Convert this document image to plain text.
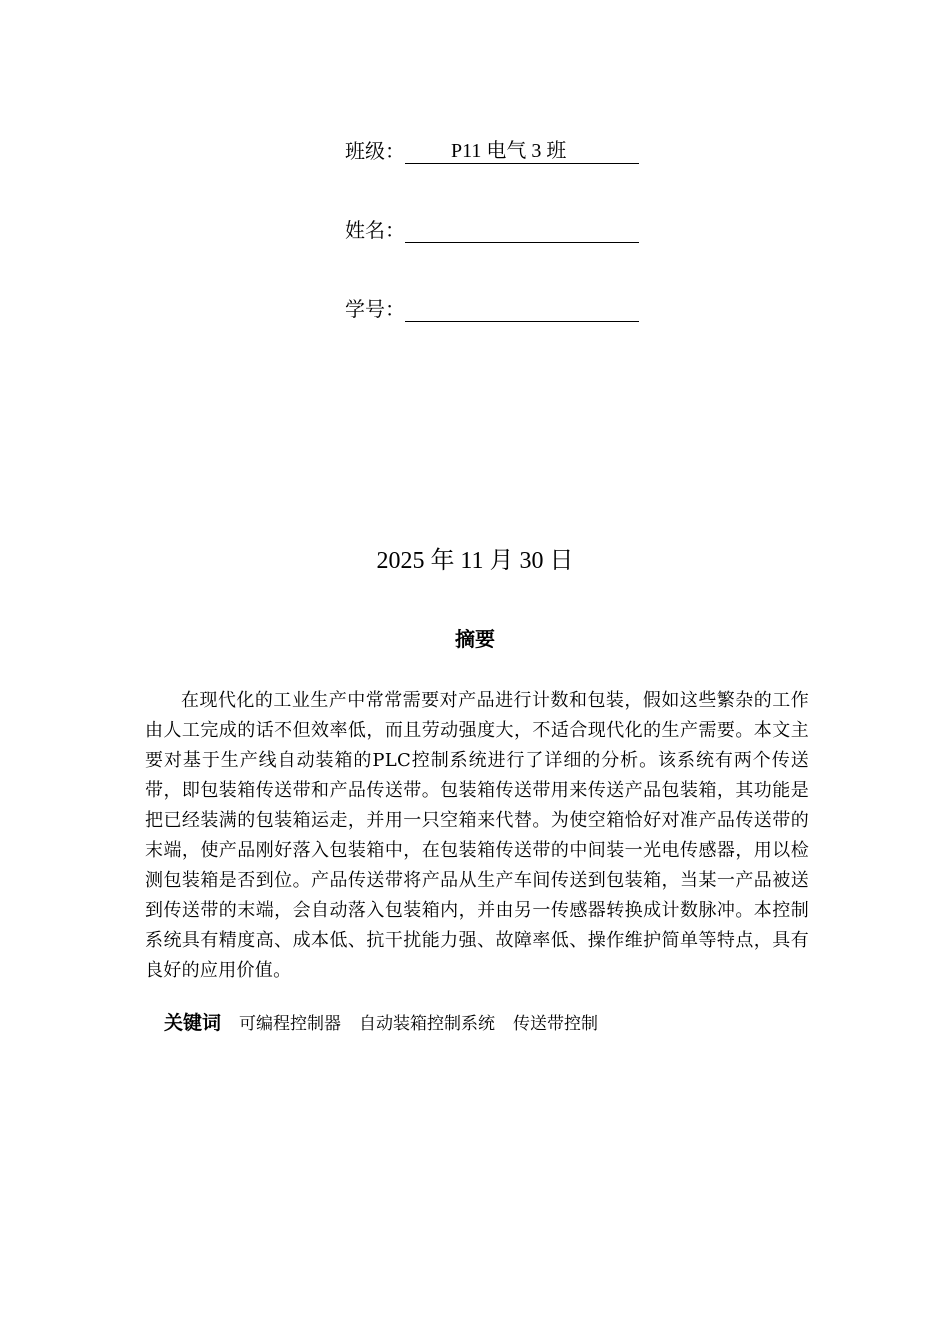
班级： P11 电气 3 班
姓名：
学号：
2025 年 11 月 30 日
摘要
在现代化的工业生产中常常需要对产品进行计数和包装，假如这些繁杂的工作由人工完成的话不但效率低，而且劳动强度大，不适合现代化的生产需要。本文主要对基于生产线自动装箱的PLC控制系统进行了详细的分析。该系统有两个传送带，即包装箱传送带和产品传送带。包装箱传送带用来传送产品包装箱，其功能是把已经装满的包装箱运走，并用一只空箱来代替。为使空箱恰好对准产品传送带的末端，使产品刚好落入包装箱中，在包装箱传送带的中间装一光电传感器，用以检测包装箱是否到位。产品传送带将产品从生产车间传送到包装箱，当某一产品被送到传送带的末端，会自动落入包装箱内，并由另一传感器转换成计数脉冲。本控制系统具有精度高、成本低、抗干扰能力强、故障率低、操作维护简单等特点，具有良好的应用价值。
关键词 可编程控制器 自动装箱控制系统 传送带控制
